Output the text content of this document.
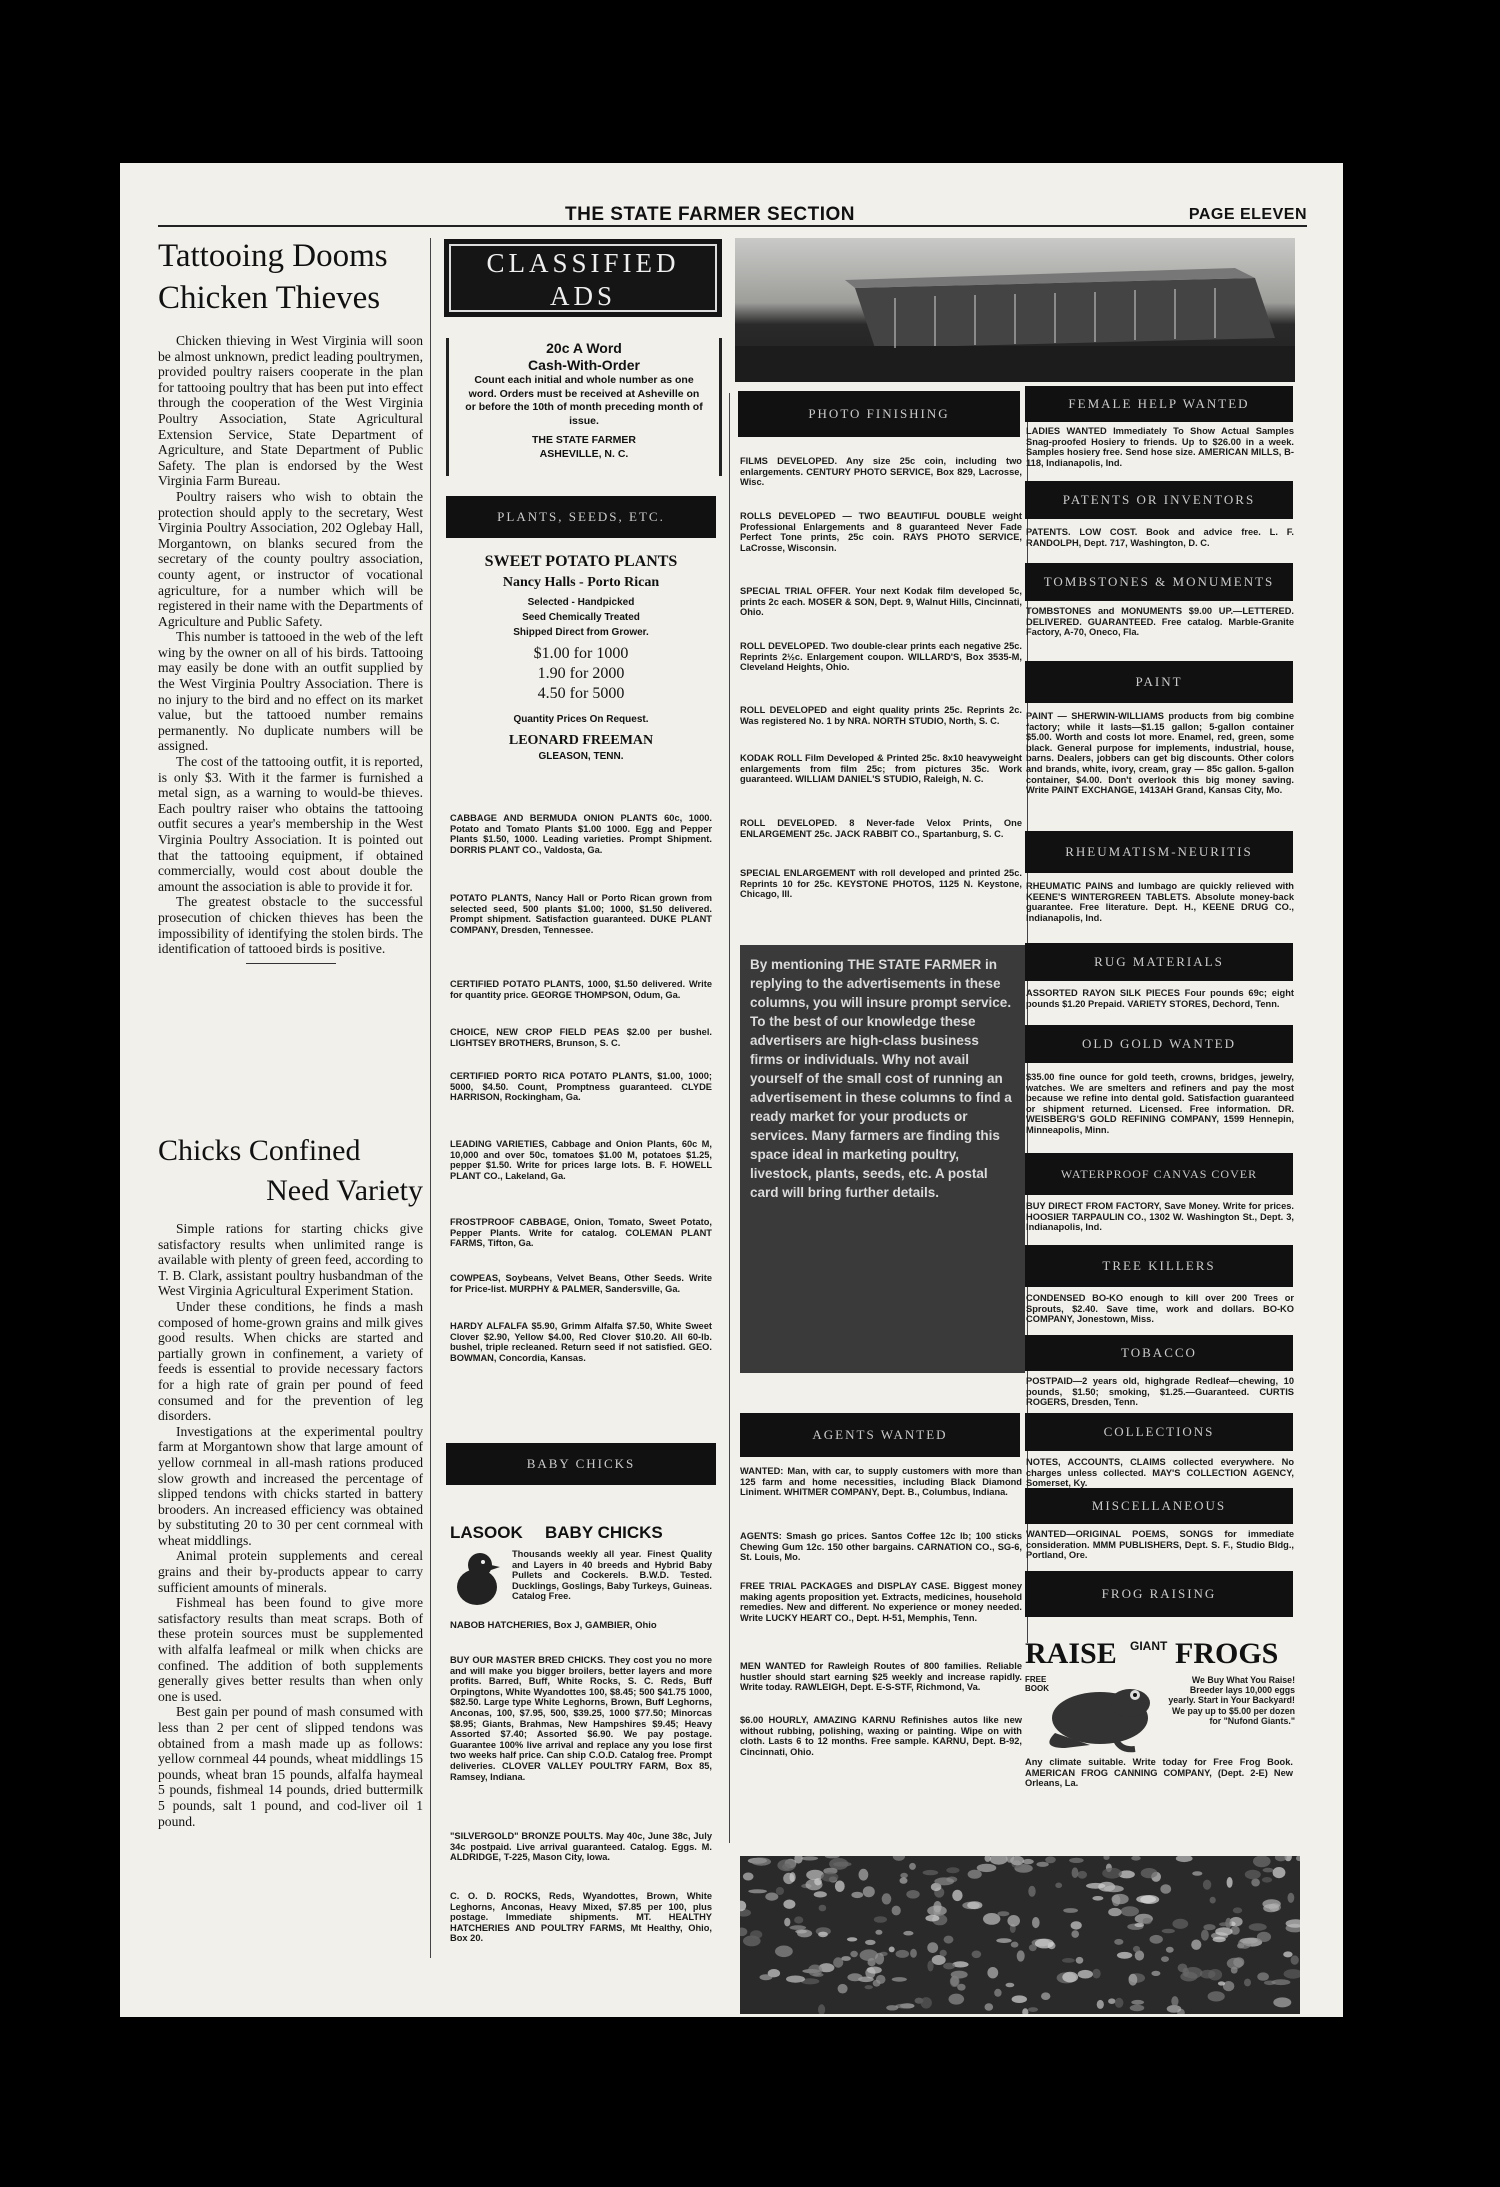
THE STATE FARMER SECTION	PAGE ELEVEN
Tattooing Dooms Chicken Thieves

Chicken thieving in West Virginia will soon be almost unknown, predict leading poultrymen, provided poultry raisers cooperate in the plan for tattooing poultry that has been put into effect through the cooperation of the West Virginia Poultry Association, State Agricultural Extension Service, State Department of Agriculture, and State Department of Public Safety. The plan is endorsed by the West Virginia Farm Bureau.

Poultry raisers who wish to obtain the protection should apply to the secretary, West Virginia Poultry Association, 202 Oglebay Hall, Morgantown, on blanks secured from the secretary of the county poultry association, county agent, or instructor of vocational agriculture, for a number which will be registered in their name with the Departments of Agriculture and Public Safety.

This number is tattooed in the web of the left wing by the owner on all of his birds. Tattooing may easily be done with an outfit supplied by the West Virginia Poultry Association. There is no injury to the bird and no effect on its market value, but the tattooed number remains permanently. No duplicate numbers will be assigned.

The cost of the tattooing outfit, it is reported, is only $3. With it the farmer is furnished a metal sign, as a warning to would-be thieves. Each poultry raiser who obtains the tattooing outfit secures a year's membership in the West Virginia Poultry Association. It is pointed out that the tattooing equipment, if obtained commercially, would cost about double the amount the association is able to provide it for.

The greatest obstacle to the successful prosecution of chicken thieves has been the impossibility of identifying the stolen birds. The identification of tattooed birds is positive.

Chicks Confined
Need Variety

Simple rations for starting chicks give satisfactory results when unlimited range is available with plenty of green feed, according to T. B. Clark, assistant poultry husbandman of the West Virginia Agricultural Experiment Station.

Under these conditions, he finds a mash composed of home-grown grains and milk gives good results. When chicks are started and partially grown in confinement, a variety of feeds is essential to provide necessary factors for a high rate of grain per pound of feed consumed and for the prevention of leg disorders.

Investigations at the experimental poultry farm at Morgantown show that large amount of yellow cornmeal in all-mash rations produced slow growth and increased the percentage of slipped tendons with chicks started in battery brooders. An increased efficiency was obtained by substituting 20 to 30 per cent cornmeal with wheat middlings.

Animal protein supplements and cereal grains and their by-products appear to carry sufficient amounts of minerals.

Fishmeal has been found to give more satisfactory results than meat scraps. Both of these protein sources must be supplemented with alfalfa leafmeal or milk when chicks are confined. The addition of both supplements generally gives better results than when only one is used.

Best gain per pound of mash consumed with less than 2 per cent of slipped tendons was obtained from a mash made up as follows: yellow cornmeal 44 pounds, wheat middlings 15 pounds, wheat bran 15 pounds, alfalfa haymeal 5 pounds, fishmeal 14 pounds, dried buttermilk 5 pounds, salt 1 pound, and cod-liver oil 1 pound.

CLASSIFIED
ADS
20c A Word
Cash-With-Order
Count each initial and whole number as one word. Orders must be received at Asheville on or before the 10th of month preceding month of issue.
THE STATE FARMER
ASHEVILLE, N. C.
PLANTS, SEEDS, ETC.
SWEET POTATO PLANTS
Nancy Halls - Porto Rican
Selected - Handpicked
Seed Chemically Treated
Shipped Direct from Grower.
$1.00 for 1000
1.90 for 2000
4.50 for 5000
Quantity Prices On Request.
LEONARD FREEMAN
GLEASON, TENN.
CABBAGE AND BERMUDA ONION PLANTS 60c, 1000. Potato and Tomato Plants $1.00 1000. Egg and Pepper Plants $1.50, 1000. Leading varieties. Prompt Shipment. DORRIS PLANT CO., Valdosta, Ga.
POTATO PLANTS, Nancy Hall or Porto Rican grown from selected seed, 500 plants $1.00; 1000, $1.50 delivered. Prompt shipment. Satisfaction guaranteed. DUKE PLANT COMPANY, Dresden, Tennessee.
CERTIFIED POTATO PLANTS, 1000, $1.50 delivered. Write for quantity price. GEORGE THOMPSON, Odum, Ga.
CHOICE, NEW CROP FIELD PEAS $2.00 per bushel. LIGHTSEY BROTHERS, Brunson, S. C.
CERTIFIED PORTO RICA POTATO PLANTS, $1.00, 1000; 5000, $4.50. Count, Promptness guaranteed. CLYDE HARRISON, Rockingham, Ga.
LEADING VARIETIES, Cabbage and Onion Plants, 60c M, 10,000 and over 50c, tomatoes $1.00 M, potatoes $1.25, pepper $1.50. Write for prices large lots. B. F. HOWELL PLANT CO., Lakeland, Ga.
FROSTPROOF CABBAGE, Onion, Tomato, Sweet Potato, Pepper Plants. Write for catalog. COLEMAN PLANT FARMS, Tifton, Ga.
COWPEAS, Soybeans, Velvet Beans, Other Seeds. Write for Price-list. MURPHY & PALMER, Sandersville, Ga.
HARDY ALFALFA $5.90, Grimm Alfalfa $7.50, White Sweet Clover $2.90, Yellow $4.00, Red Clover $10.20. All 60-lb. bushel, triple recleaned. Return seed if not satisfied. GEO. BOWMAN, Concordia, Kansas.
BABY CHICKS
LASOOK BABY CHICKS
Thousands weekly all year. Finest Quality and Layers in 40 breeds and Hybrid Baby Pullets and Cockerels. B.W.D. Tested. Ducklings, Goslings, Baby Turkeys, Guineas. Catalog Free.
NABOB HATCHERIES, Box J, GAMBIER, Ohio
BUY OUR MASTER BRED CHICKS. They cost you no more and will make you bigger broilers, better layers and more profits. Barred, Buff, White Rocks, S. C. Reds, Buff Orpingtons, White Wyandottes 100, $8.45; 500 $41.75 1000, $82.50. Large type White Leghorns, Brown, Buff Leghorns, Anconas, 100, $7.95, 500, $39.25, 1000 $77.50; Minorcas $8.95; Giants, Brahmas, New Hampshires $9.45; Heavy Assorted $7.40; Assorted $6.90. We pay postage. Guarantee 100% live arrival and replace any you lose first two weeks half price. Can ship C.O.D. Catalog free. Prompt deliveries. CLOVER VALLEY POULTRY FARM, Box 85, Ramsey, Indiana.
"SILVERGOLD" BRONZE POULTS. May 40c, June 38c, July 34c postpaid. Live arrival guaranteed. Catalog. Eggs. M. ALDRIDGE, T-225, Mason City, Iowa.
C. O. D. ROCKS, Reds, Wyandottes, Brown, White Leghorns, Anconas, Heavy Mixed, $7.85 per 100, plus postage. Immediate shipments. MT. HEALTHY HATCHERIES AND POULTRY FARMS, Mt Healthy, Ohio, Box 20.
PHOTO FINISHING
FILMS DEVELOPED. Any size 25c coin, including two enlargements. CENTURY PHOTO SERVICE, Box 829, Lacrosse, Wisc.
ROLLS DEVELOPED — TWO BEAUTIFUL DOUBLE weight Professional Enlargements and 8 guaranteed Never Fade Perfect Tone prints, 25c coin. RAYS PHOTO SERVICE, LaCrosse, Wisconsin.
SPECIAL TRIAL OFFER. Your next Kodak film developed 5c, prints 2c each. MOSER & SON, Dept. 9, Walnut Hills, Cincinnati, Ohio.
ROLL DEVELOPED. Two double-clear prints each negative 25c. Reprints 2½c. Enlargement coupon. WILLARD'S, Box 3535-M, Cleveland Heights, Ohio.
ROLL DEVELOPED and eight quality prints 25c. Reprints 2c. Was registered No. 1 by NRA. NORTH STUDIO, North, S. C.
KODAK ROLL Film Developed & Printed 25c. 8x10 heavyweight enlargements from film 25c; from pictures 35c. Work guaranteed. WILLIAM DANIEL'S STUDIO, Raleigh, N. C.
ROLL DEVELOPED. 8 Never-fade Velox Prints, One ENLARGEMENT 25c. JACK RABBIT CO., Spartanburg, S. C.
SPECIAL ENLARGEMENT with roll developed and printed 25c. Reprints 10 for 25c. KEYSTONE PHOTOS, 1125 N. Keystone, Chicago, Ill.
By mentioning THE STATE FARMER in replying to the advertisements in these columns, you will insure prompt service. To the best of our knowledge these advertisers are high-class business firms or individuals. Why not avail yourself of the small cost of running an advertisement in these columns to find a ready market for your products or services. Many farmers are finding this space ideal in marketing poultry, livestock, plants, seeds, etc. A postal card will bring further details.
AGENTS WANTED
WANTED: Man, with car, to supply customers with more than 125 farm and home necessities, including Black Diamond Liniment. WHITMER COMPANY, Dept. B., Columbus, Indiana.
AGENTS: Smash go prices. Santos Coffee 12c lb; 100 sticks Chewing Gum 12c. 150 other bargains. CARNATION CO., SG-6, St. Louis, Mo.
FREE TRIAL PACKAGES and DISPLAY CASE. Biggest money making agents proposition yet. Extracts, medicines, household remedies. New and different. No experience or money needed. Write LUCKY HEART CO., Dept. H-51, Memphis, Tenn.
MEN WANTED for Rawleigh Routes of 800 families. Reliable hustler should start earning $25 weekly and increase rapidly. Write today. RAWLEIGH, Dept. E-S-STF, Richmond, Va.
$6.00 HOURLY, AMAZING KARNU Refinishes autos like new without rubbing, polishing, waxing or painting. Wipe on with cloth. Lasts 6 to 12 months. Free sample. KARNU, Dept. B-92, Cincinnati, Ohio.
FEMALE HELP WANTED
LADIES WANTED Immediately To Show Actual Samples Snag-proofed Hosiery to friends. Up to $26.00 in a week. Samples hosiery free. Send hose size. AMERICAN MILLS, B-118, Indianapolis, Ind.
PATENTS OR INVENTORS
PATENTS. LOW COST. Book and advice free. L. F. RANDOLPH, Dept. 717, Washington, D. C.
TOMBSTONES & MONUMENTS
TOMBSTONES and MONUMENTS $9.00 UP.—LETTERED. DELIVERED. GUARANTEED. Free catalog. Marble-Granite Factory, A-70, Oneco, Fla.
PAINT
PAINT — SHERWIN-WILLIAMS products from big combine factory; while it lasts—$1.15 gallon; 5-gallon container $5.00. Worth and costs lot more. Enamel, red, green, some black. General purpose for implements, industrial, house, barns. Dealers, jobbers can get big discounts. Other colors and brands, white, ivory, cream, gray — 85c gallon. 5-gallon container, $4.00. Don't overlook this big money saving. Write PAINT EXCHANGE, 1413AH Grand, Kansas City, Mo.
RHEUMATISM-NEURITIS
RHEUMATIC PAINS and lumbago are quickly relieved with KEENE'S WINTERGREEN TABLETS. Absolute money-back guarantee. Free literature. Dept. H., KEENE DRUG CO., Indianapolis, Ind.
RUG MATERIALS
ASSORTED RAYON SILK PIECES Four pounds 69c; eight pounds $1.20 Prepaid. VARIETY STORES, Dechord, Tenn.
OLD GOLD WANTED
$35.00 fine ounce for gold teeth, crowns, bridges, jewelry, watches. We are smelters and refiners and pay the most because we refine into dental gold. Satisfaction guaranteed or shipment returned. Licensed. Free information. DR. WEISBERG'S GOLD REFINING COMPANY, 1599 Hennepin, Minneapolis, Minn.
WATERPROOF CANVAS COVER
BUY DIRECT FROM FACTORY, Save Money. Write for prices. HOOSIER TARPAULIN CO., 1302 W. Washington St., Dept. 3, Indianapolis, Ind.
TREE KILLERS
CONDENSED BO-KO enough to kill over 200 Trees or Sprouts, $2.40. Save time, work and dollars. BO-KO COMPANY, Jonestown, Miss.
TOBACCO
POSTPAID—2 years old, highgrade Redleaf—chewing, 10 pounds, $1.50; smoking, $1.25.—Guaranteed. CURTIS ROGERS, Dresden, Tenn.
COLLECTIONS
NOTES, ACCOUNTS, CLAIMS collected everywhere. No charges unless collected. MAY'S COLLECTION AGENCY, Somerset, Ky.
MISCELLANEOUS
WANTED—ORIGINAL POEMS, SONGS for immediate consideration. MMM PUBLISHERS, Dept. S. F., Studio Bldg., Portland, Ore.
FROG RAISING
RAISE GIANT FROGS
FREE BOOK
We Buy What You Raise! Breeder lays 10,000 eggs yearly. Start in Your Backyard! We pay up to $5.00 per dozen for "Nufond Giants."
Any climate suitable. Write today for Free Frog Book. AMERICAN FROG CANNING COMPANY, (Dept. 2-E) New Orleans, La.
